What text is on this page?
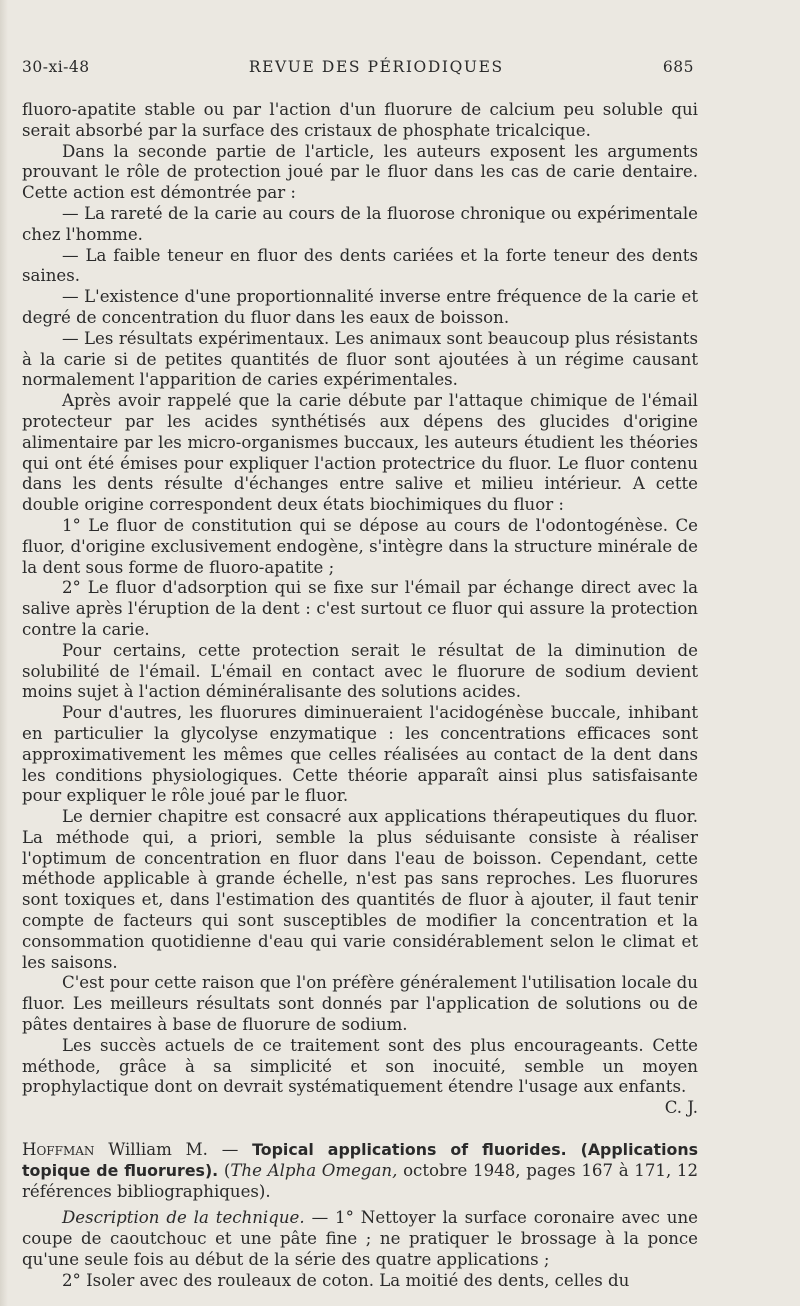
30-xi-48	REVUE DES PÉRIODIQUES	685

fluoro-apatite stable ou par l'action d'un fluorure de calcium peu soluble qui serait absorbé par la surface des cristaux de phosphate tricalcique.

Dans la seconde partie de l'article, les auteurs exposent les arguments prouvant le rôle de protection joué par le fluor dans les cas de carie dentaire. Cette action est démontrée par :

— La rareté de la carie au cours de la fluorose chronique ou expérimentale chez l'homme.

— La faible teneur en fluor des dents cariées et la forte teneur des dents saines.

— L'existence d'une proportionnalité inverse entre fréquence de la carie et degré de concentration du fluor dans les eaux de boisson.

— Les résultats expérimentaux. Les animaux sont beaucoup plus résistants à la carie si de petites quantités de fluor sont ajoutées à un régime causant normalement l'apparition de caries expérimentales.

Après avoir rappelé que la carie débute par l'attaque chimique de l'émail protecteur par les acides synthétisés aux dépens des glucides d'origine alimentaire par les micro-organismes buccaux, les auteurs étudient les théories qui ont été émises pour expliquer l'action protectrice du fluor. Le fluor contenu dans les dents résulte d'échanges entre salive et milieu intérieur. A cette double origine correspondent deux états biochimiques du fluor :

1° Le fluor de constitution qui se dépose au cours de l'odontogénèse. Ce fluor, d'origine exclusivement endogène, s'intègre dans la structure minérale de la dent sous forme de fluoro-apatite ;

2° Le fluor d'adsorption qui se fixe sur l'émail par échange direct avec la salive après l'éruption de la dent : c'est surtout ce fluor qui assure la protection contre la carie.

Pour certains, cette protection serait le résultat de la diminution de solubilité de l'émail. L'émail en contact avec le fluorure de sodium devient moins sujet à l'action déminéralisante des solutions acides.

Pour d'autres, les fluorures diminueraient l'acidogénèse buccale, inhibant en particulier la glycolyse enzymatique : les concentrations efficaces sont approximativement les mêmes que celles réalisées au contact de la dent dans les conditions physiologiques. Cette théorie apparaît ainsi plus satisfaisante pour expliquer le rôle joué par le fluor.

Le dernier chapitre est consacré aux applications thérapeutiques du fluor. La méthode qui, a priori, semble la plus séduisante consiste à réaliser l'optimum de concentration en fluor dans l'eau de boisson. Cependant, cette méthode applicable à grande échelle, n'est pas sans reproches. Les fluorures sont toxiques et, dans l'estimation des quantités de fluor à ajouter, il faut tenir compte de facteurs qui sont susceptibles de modifier la concentration et la consommation quotidienne d'eau qui varie considérablement selon le climat et les saisons.

C'est pour cette raison que l'on préfère généralement l'utilisation locale du fluor. Les meilleurs résultats sont donnés par l'application de solutions ou de pâtes dentaires à base de fluorure de sodium.

Les succès actuels de ce traitement sont des plus encourageants. Cette méthode, grâce à sa simplicité et son inocuité, semble un moyen prophylactique dont on devrait systématiquement étendre l'usage aux enfants.

C. J.

Hoffman William M. — Topical applications of fluorides. (Applications topique de fluorures). (The Alpha Omegan, octobre 1948, pages 167 à 171, 12 références bibliographiques).

Description de la technique. — 1° Nettoyer la surface coronaire avec une coupe de caoutchouc et une pâte fine ; ne pratiquer le brossage à la ponce qu'une seule fois au début de la série des quatre applications ;

2° Isoler avec des rouleaux de coton. La moitié des dents, celles du
